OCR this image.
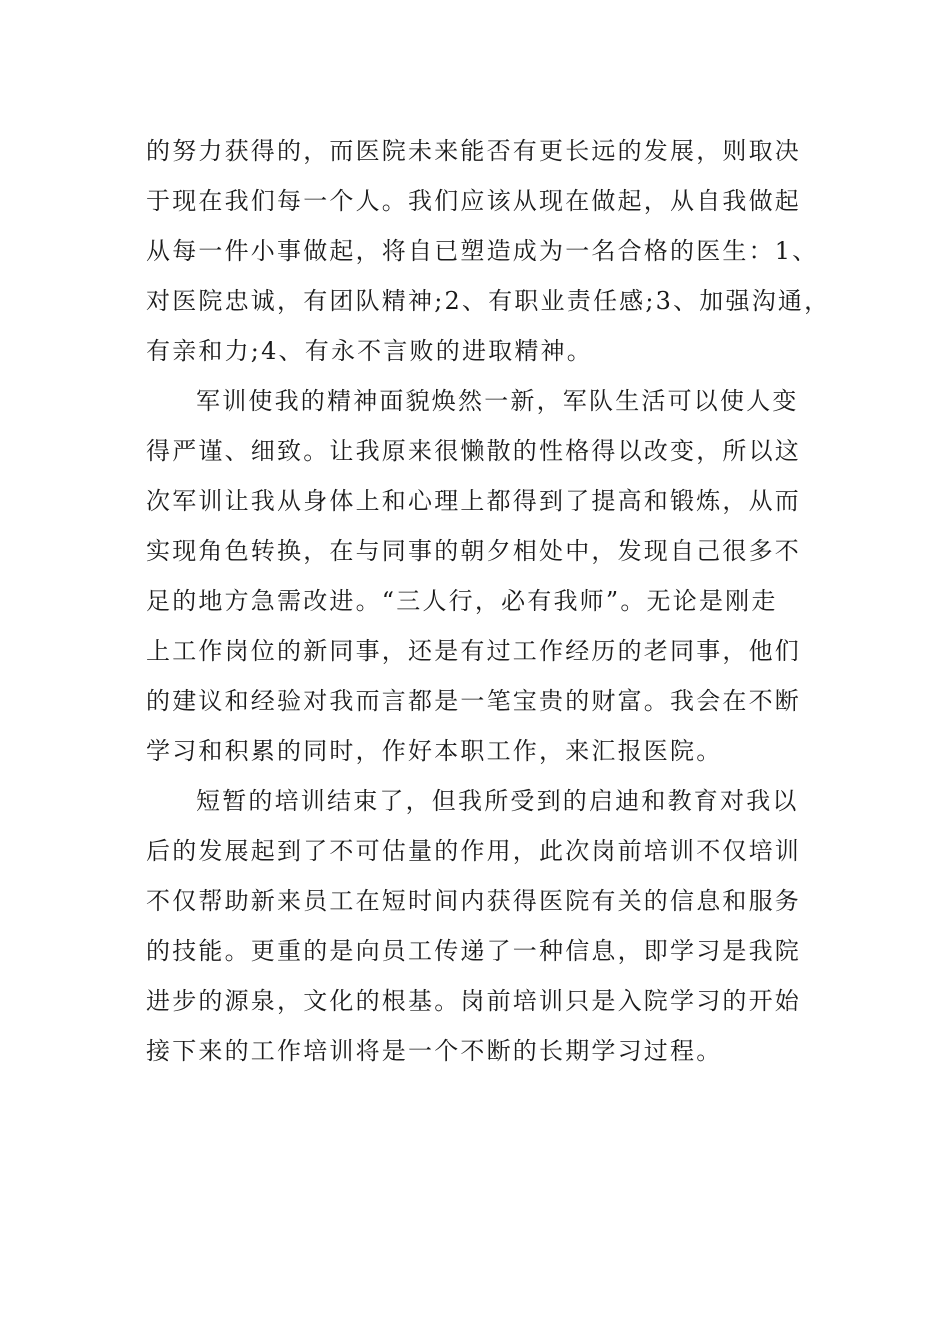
的努力获得的，而医院未来能否有更长远的发展，则取决
于现在我们每一个人。我们应该从现在做起，从自我做起
从每一件小事做起，将自已塑造成为一名合格的医生：1、
对医院忠诚，有团队精神;2、有职业责任感;3、加强沟通，
有亲和力;4、有永不言败的进取精神。
军训使我的精神面貌焕然一新，军队生活可以使人变
得严谨、细致。让我原来很懒散的性格得以改变，所以这
次军训让我从身体上和心理上都得到了提高和锻炼，从而
实现角色转换，在与同事的朝夕相处中，发现自己很多不
足的地方急需改进。“三人行，必有我师”。无论是刚走
上工作岗位的新同事，还是有过工作经历的老同事，他们
的建议和经验对我而言都是一笔宝贵的财富。我会在不断
学习和积累的同时，作好本职工作，来汇报医院。
短暂的培训结束了，但我所受到的启迪和教育对我以
后的发展起到了不可估量的作用，此次岗前培训不仅培训
不仅帮助新来员工在短时间内获得医院有关的信息和服务
的技能。更重的是向员工传递了一种信息，即学习是我院
进步的源泉，文化的根基。岗前培训只是入院学习的开始
接下来的工作培训将是一个不断的长期学习过程。
